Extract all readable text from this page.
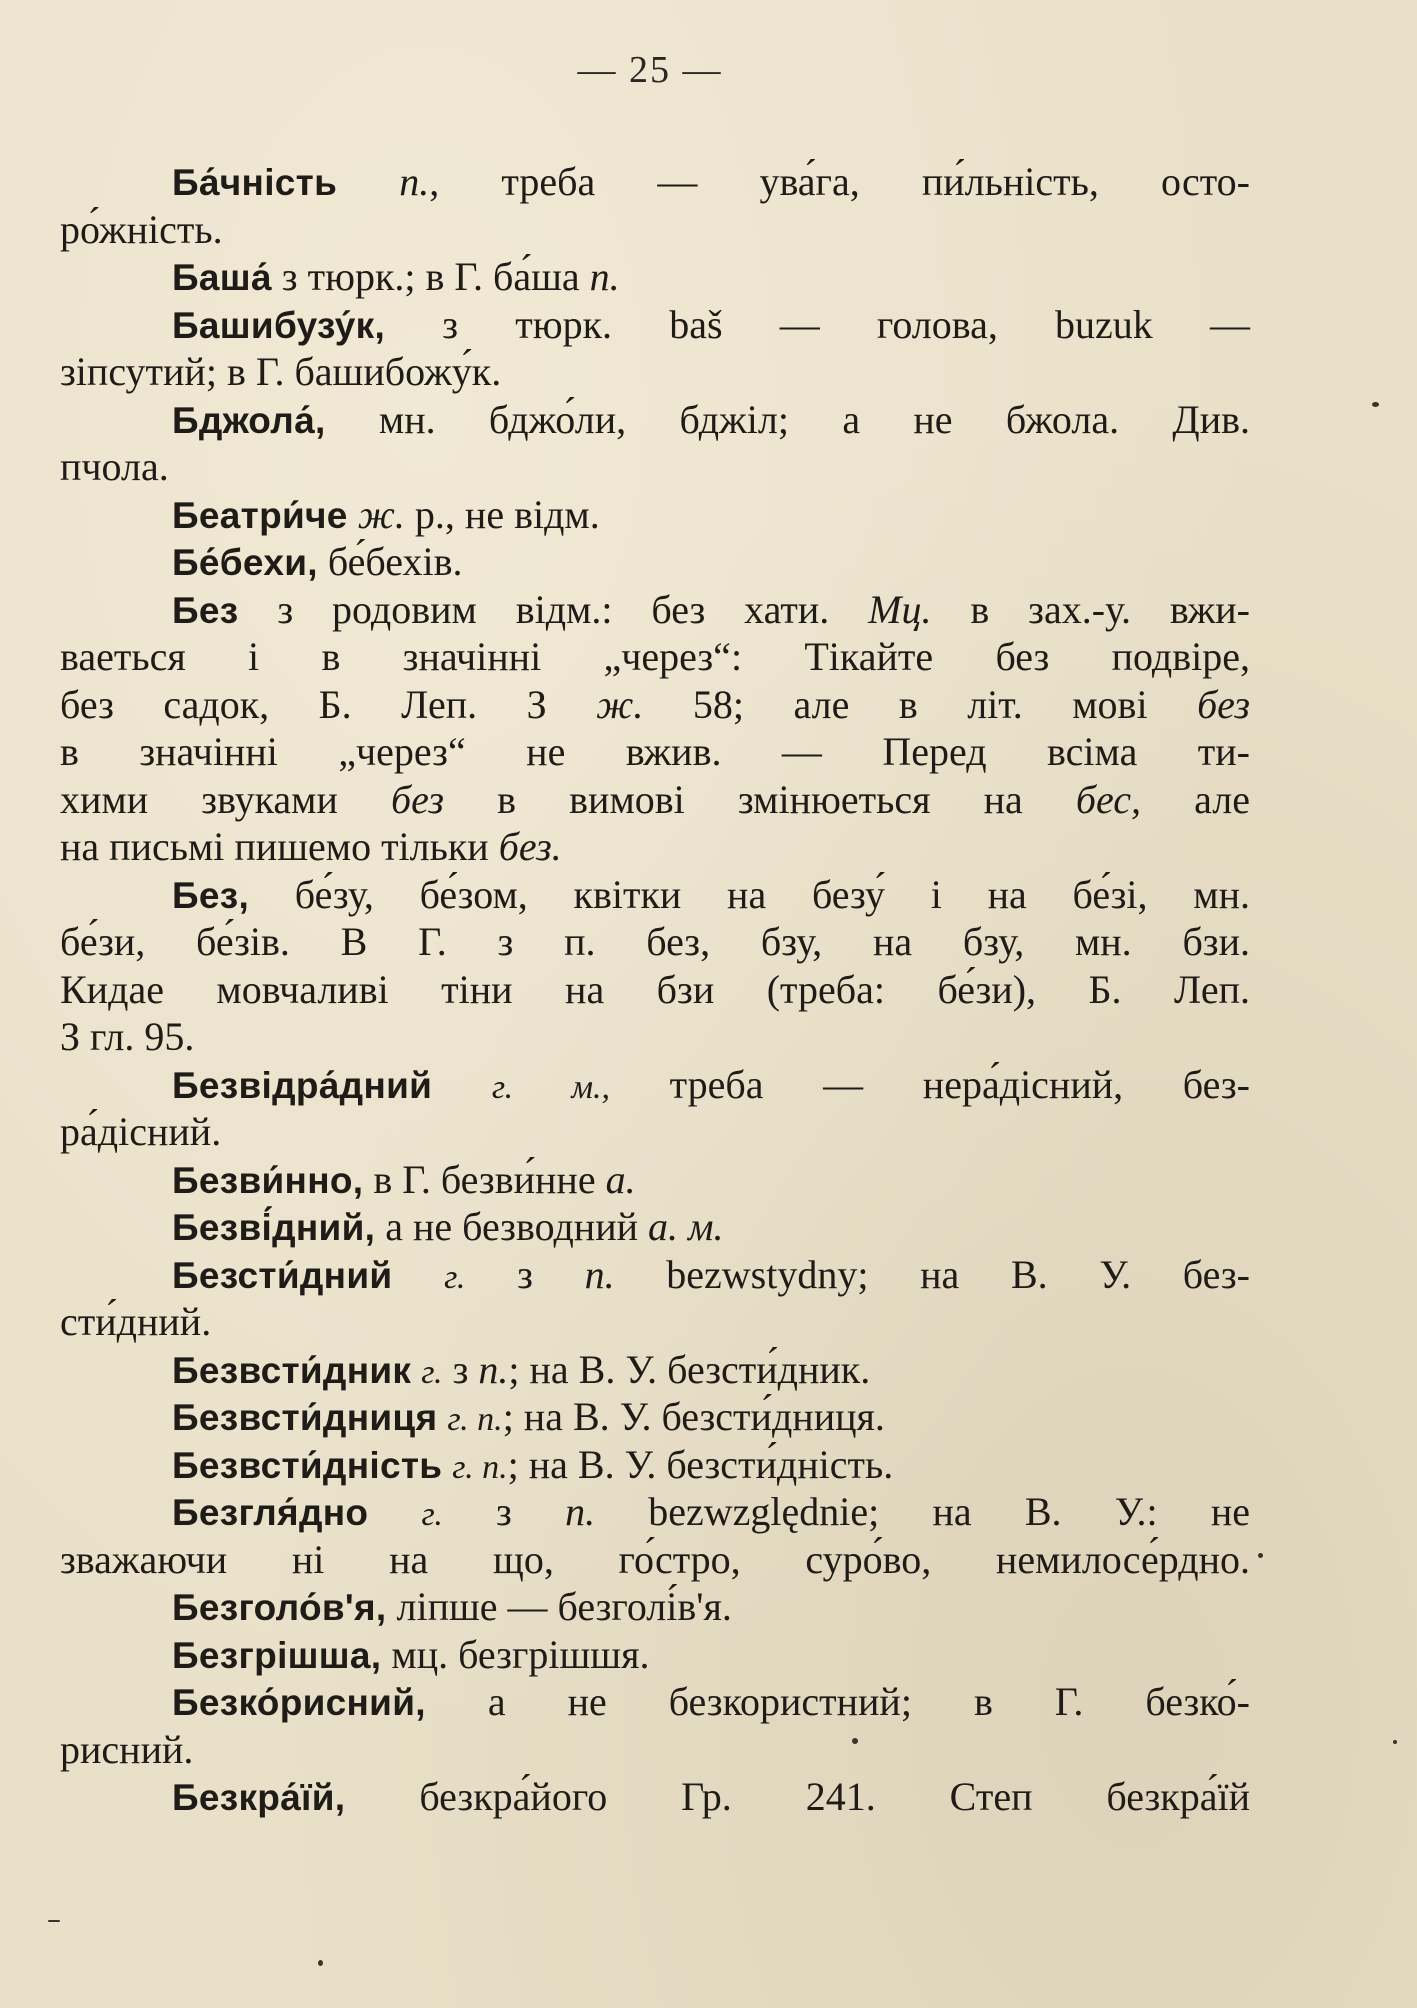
— 25 —
Ба́чність п., треба — ува́га, пи́льність, осто-
ро́жність.
Баша́ з тюрк.; в Г. ба́ша п.
Башибузу́к, з тюрк. baš — голова, buzuk —
зіпсутий; в Г. башибожу́к.
Бджола́, мн. бджо́ли, бджіл; а не бжола. Див.
пчола.
Беатри́че ж. р., не відм.
Бе́бехи, бе́бехів.
Без з родовим відм.: без хати. Мц. в зах.-у. вжи-
ваеться і в значінні „через“: Тікайте без подвіре,
без садок, Б. Леп. З ж. 58; але в літ. мові без
в значінні „через“ не вжив. — Перед всіма ти-
хими звуками без в вимові змінюеться на бес, але
на письмі пишемо тільки без.
Без, бе́зу, бе́зом, квітки на безу́ і на бе́зі, мн.
бе́зи, бе́зів. В Г. з п. без, бзу, на бзу, мн. бзи.
Кидае мовчаливі тіни на бзи (треба: бе́зи), Б. Леп.
З гл. 95.
Безвідра́дний г. м., треба — нера́дісний, без-
ра́дісний.
Безви́нно, в Г. безви́нне а.
Безві́дний, а не безводний а. м.
Безсти́дний г. з п. bezwstydny; на В. У. без-
сти́дний.
Безвсти́дник г. з п.; на В. У. безсти́дник.
Безвсти́дниця г. п.; на В. У. безсти́дниця.
Безвсти́дність г. п.; на В. У. безсти́дність.
Безгля́дно г. з п. bezwzględnie; на В. У.: не
зважаючи ні на що, го́стро, суро́во, немилосе́рдно.
Безголо́в'я, ліпше — безголі́в'я.
Безгрішша, мц. безгрішшя.
Безко́рисний, а не безкористний; в Г. безко́-
рисний.
Безкра́їй, безкра́його Гр. 241. Степ безкра́їй
